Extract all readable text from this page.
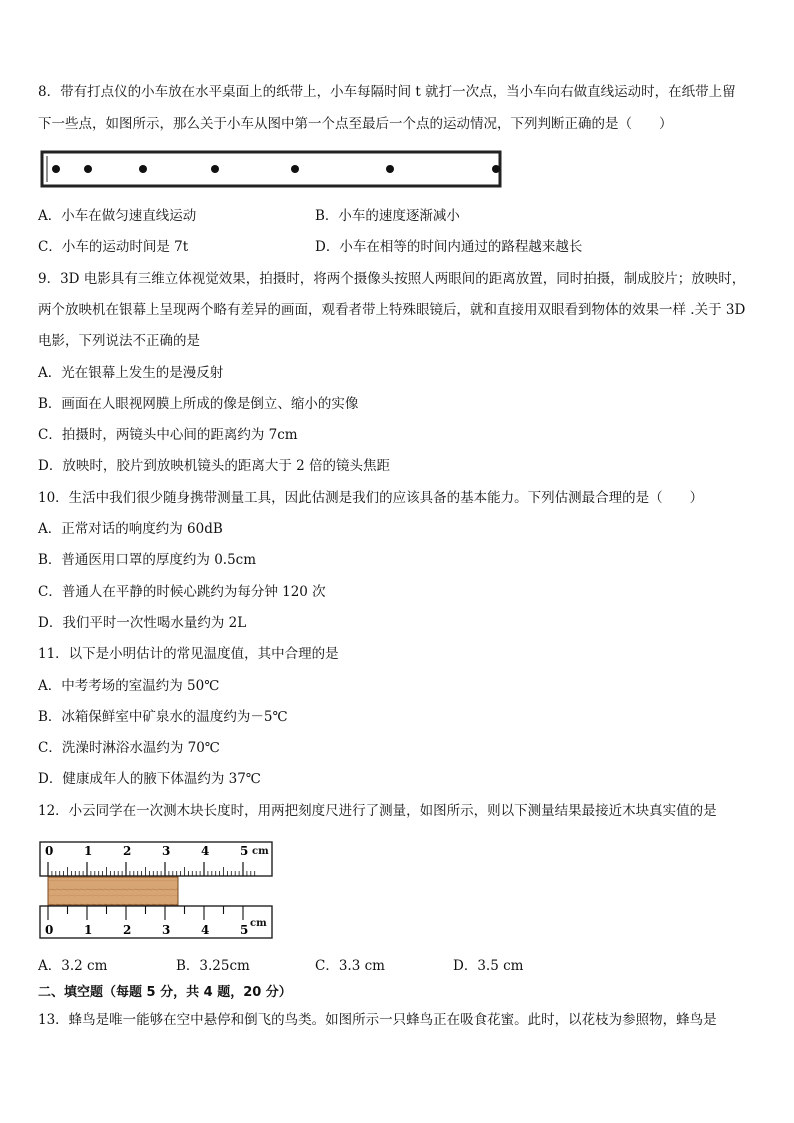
8．带有打点仪的小车放在水平桌面上的纸带上，小车每隔时间 t 就打一次点，当小车向右做直线运动时，在纸带上留
下一些点，如图所示，那么关于小车从图中第一个点至最后一个点的运动情况，下列判断正确的是（　　）
A．小车在做匀速直线运动	B．小车的速度逐渐减小
C．小车的运动时间是 7t	D．小车在相等的时间内通过的路程越来越长
9．3D 电影具有三维立体视觉效果，拍摄时，将两个摄像头按照人两眼间的距离放置，同时拍摄，制成胶片；放映时，
两个放映机在银幕上呈现两个略有差异的画面，观看者带上特殊眼镜后，就和直接用双眼看到物体的效果一样 .关于 3D
电影，下列说法不正确的是
A．光在银幕上发生的是漫反射
B．画面在人眼视网膜上所成的像是倒立、缩小的实像
C．拍摄时，两镜头中心间的距离约为 7cm
D．放映时，胶片到放映机镜头的距离大于 2 倍的镜头焦距
10．生活中我们很少随身携带测量工具，因此估测是我们的应该具备的基本能力。下列估测最合理的是（　　）
A．正常对话的响度约为 60dB
B．普通医用口罩的厚度约为 0.5cm
C．普通人在平静的时候心跳约为每分钟 120 次
D．我们平时一次性喝水量约为 2L
11．以下是小明估计的常见温度值，其中合理的是
A．中考考场的室温约为 50℃
B．冰箱保鲜室中矿泉水的温度约为－5℃
C．洗澡时淋浴水温约为 70℃
D．健康成年人的腋下体温约为 37℃
12．小云同学在一次测木块长度时，用两把刻度尺进行了测量，如图所示，则以下测量结果最接近木块真实值的是
0	1	2	3	4	5 cm
0	1	2	3	4	5 cm
A．3.2 cm	B．3.25cm	C．3.3 cm	D．3.5 cm
二、填空题（每题 5 分，共 4 题，20 分）
13．蜂鸟是唯一能够在空中悬停和倒飞的鸟类。如图所示一只蜂鸟正在吸食花蜜。此时，以花枝为参照物，蜂鸟是
